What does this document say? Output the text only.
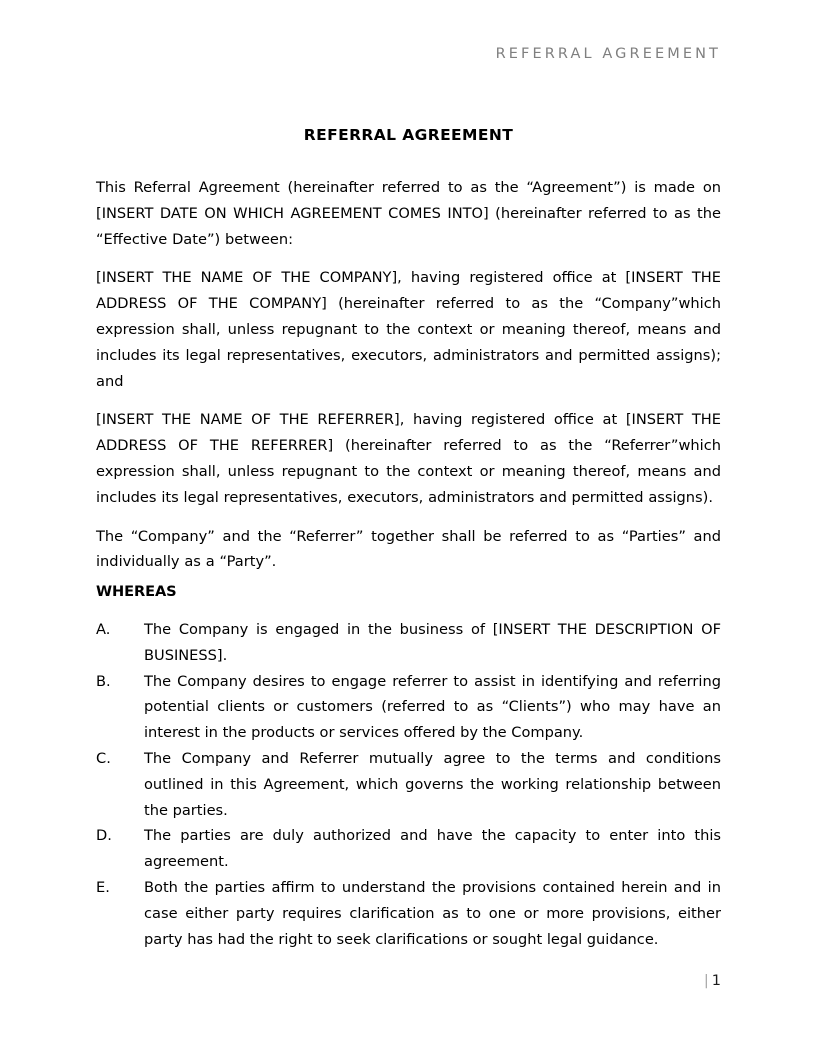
REFERRAL AGREEMENT
REFERRAL AGREEMENT

This Referral Agreement (hereinafter referred to as the “Agreement”) is made on [INSERT DATE ON WHICH AGREEMENT COMES INTO] (hereinafter referred to as the “Effective Date”) between:

[INSERT THE NAME OF THE COMPANY], having registered office at [INSERT THE ADDRESS OF THE COMPANY] (hereinafter referred to as the “Company”which expression shall, unless repugnant to the context or meaning thereof, means and includes its legal representatives, executors, administrators and permitted assigns); and

[INSERT THE NAME OF THE REFERRER], having registered office at [INSERT THE ADDRESS OF THE REFERRER] (hereinafter referred to as the “Referrer”which expression shall, unless repugnant to the context or meaning thereof, means and includes its legal representatives, executors, administrators and permitted assigns).

The “Company” and the “Referrer” together shall be referred to as “Parties” and individually as a “Party”.

WHEREAS
A.	The Company is engaged in the business of [INSERT THE DESCRIPTION OF BUSINESS].
B.	The Company desires to engage referrer to assist in identifying and referring potential clients or customers (referred to as “Clients”) who may have an interest in the products or services offered by the Company.
C.	The Company and Referrer mutually agree to the terms and conditions outlined in this Agreement, which governs the working relationship between the parties.
D.	The parties are duly authorized and have the capacity to enter into this agreement.
E.	Both the parties affirm to understand the provisions contained herein and in case either party requires clarification as to one or more provisions, either party has had the right to seek clarifications or sought legal guidance.
| 1
